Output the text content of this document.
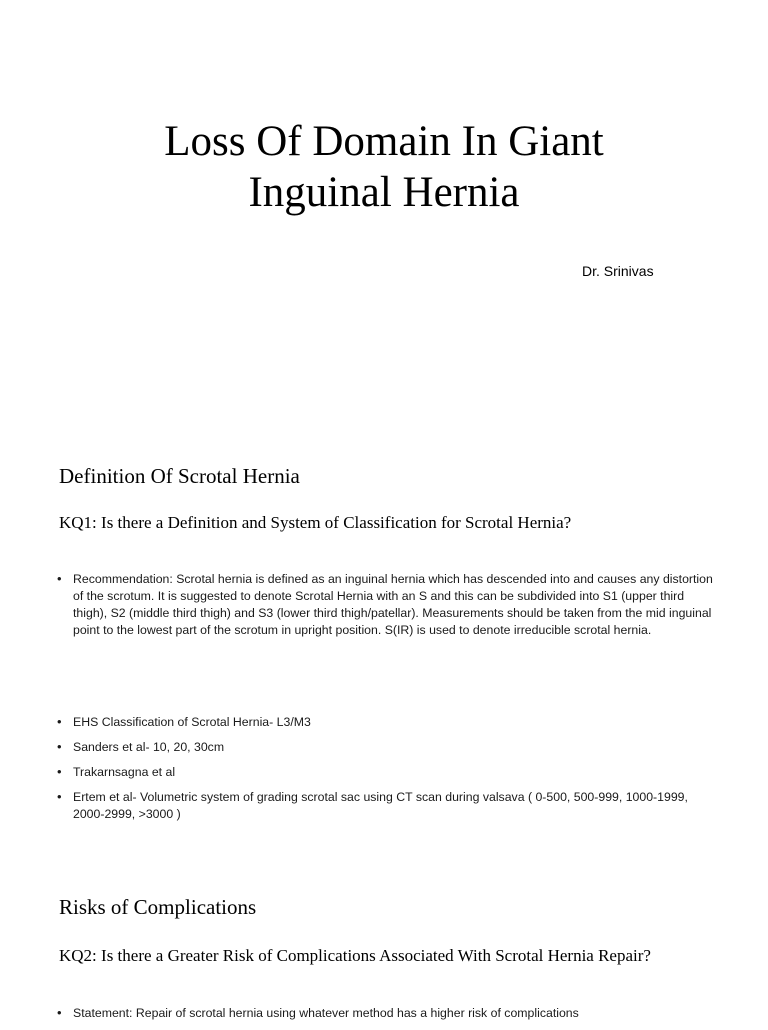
Loss Of Domain In Giant
Inguinal Hernia

Dr. Srinivas

Definition Of Scrotal Hernia

KQ1: Is there a Definition and System of Classification for Scrotal Hernia?

• Recommendation: Scrotal hernia is defined as an inguinal hernia which has descended into and causes any distortion of the scrotum. It is suggested to denote Scrotal Hernia with an S and this can be subdivided into S1 (upper third thigh), S2 (middle third thigh) and S3 (lower third thigh/patellar). Measurements should be taken from the mid inguinal point to the lowest part of the scrotum in upright position. S(IR) is used to denote irreducible scrotal hernia.
• EHS Classification of Scrotal Hernia- L3/M3
• Sanders et al- 10, 20, 30cm
• Trakarnsagna et al
• Ertem et al- Volumetric system of grading scrotal sac using CT scan during valsava ( 0-500, 500-999, 1000-1999, 2000-2999, >3000 )
Risks of Complications

KQ2: Is there a Greater Risk of Complications Associated With Scrotal Hernia Repair?

• Statement: Repair of scrotal hernia using whatever method has a higher risk of complications
